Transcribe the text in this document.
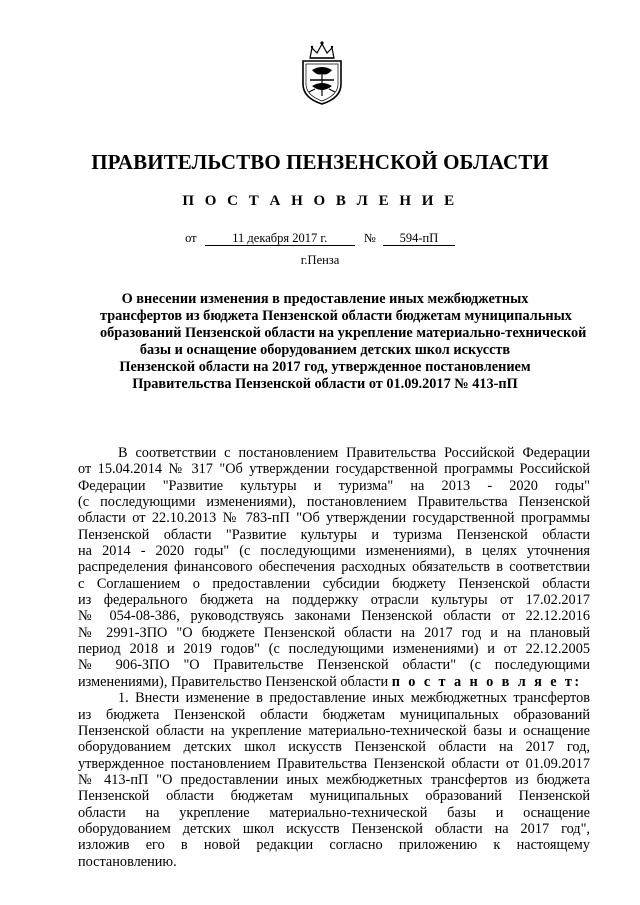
ПРАВИТЕЛЬСТВО ПЕНЗЕНСКОЙ ОБЛАСТИ
П О С Т А Н О В Л Е Н И Е
от	11 декабря 2017 г.	№ 594-пП
г.Пенза
О внесении изменения в предоставление иных межбюджетных
трансфертов из бюджета Пензенской области бюджетам муниципальных
образований Пензенской области на укрепление материально-технической
базы и оснащение оборудованием детских школ искусств
Пензенской области на 2017 год, утвержденное постановлением
Правительства Пензенской области от 01.09.2017 № 413-пП
В соответствии с постановлением Правительства Российской Федерации
от 15.04.2014 № 317 "Об утверждении государственной программы Российской
Федерации "Развитие культуры и туризма" на 2013 - 2020 годы"
(с последующими изменениями), постановлением Правительства Пензенской
области от 22.10.2013 № 783-пП "Об утверждении государственной программы
Пензенской области "Развитие культуры и туризма Пензенской области
на 2014 - 2020 годы" (с последующими изменениями), в целях уточнения
распределения финансового обеспечения расходных обязательств в соответствии
с Соглашением о предоставлении субсидии бюджету Пензенской области
из федерального бюджета на поддержку отрасли культуры от 17.02.2017
№ 054-08-386, руководствуясь законами Пензенской области от 22.12.2016
№ 2991-ЗПО "О бюджете Пензенской области на 2017 год и на плановый
период 2018 и 2019 годов" (с последующими изменениями) и от 22.12.2005
№ 906-ЗПО "О Правительстве Пензенской области" (с последующими
изменениями), Правительство Пензенской области п о с т а н о в л я е т:
1. Внести изменение в предоставление иных межбюджетных трансфертов
из бюджета Пензенской области бюджетам муниципальных образований
Пензенской области на укрепление материально-технической базы и оснащение
оборудованием детских школ искусств Пензенской области на 2017 год,
утвержденное постановлением Правительства Пензенской области от 01.09.2017
№ 413-пП "О предоставлении иных межбюджетных трансфертов из бюджета
Пензенской области бюджетам муниципальных образований Пензенской
области на укрепление материально-технической базы и оснащение
оборудованием детских школ искусств Пензенской области на 2017 год",
изложив его в новой редакции согласно приложению к настоящему
постановлению.
